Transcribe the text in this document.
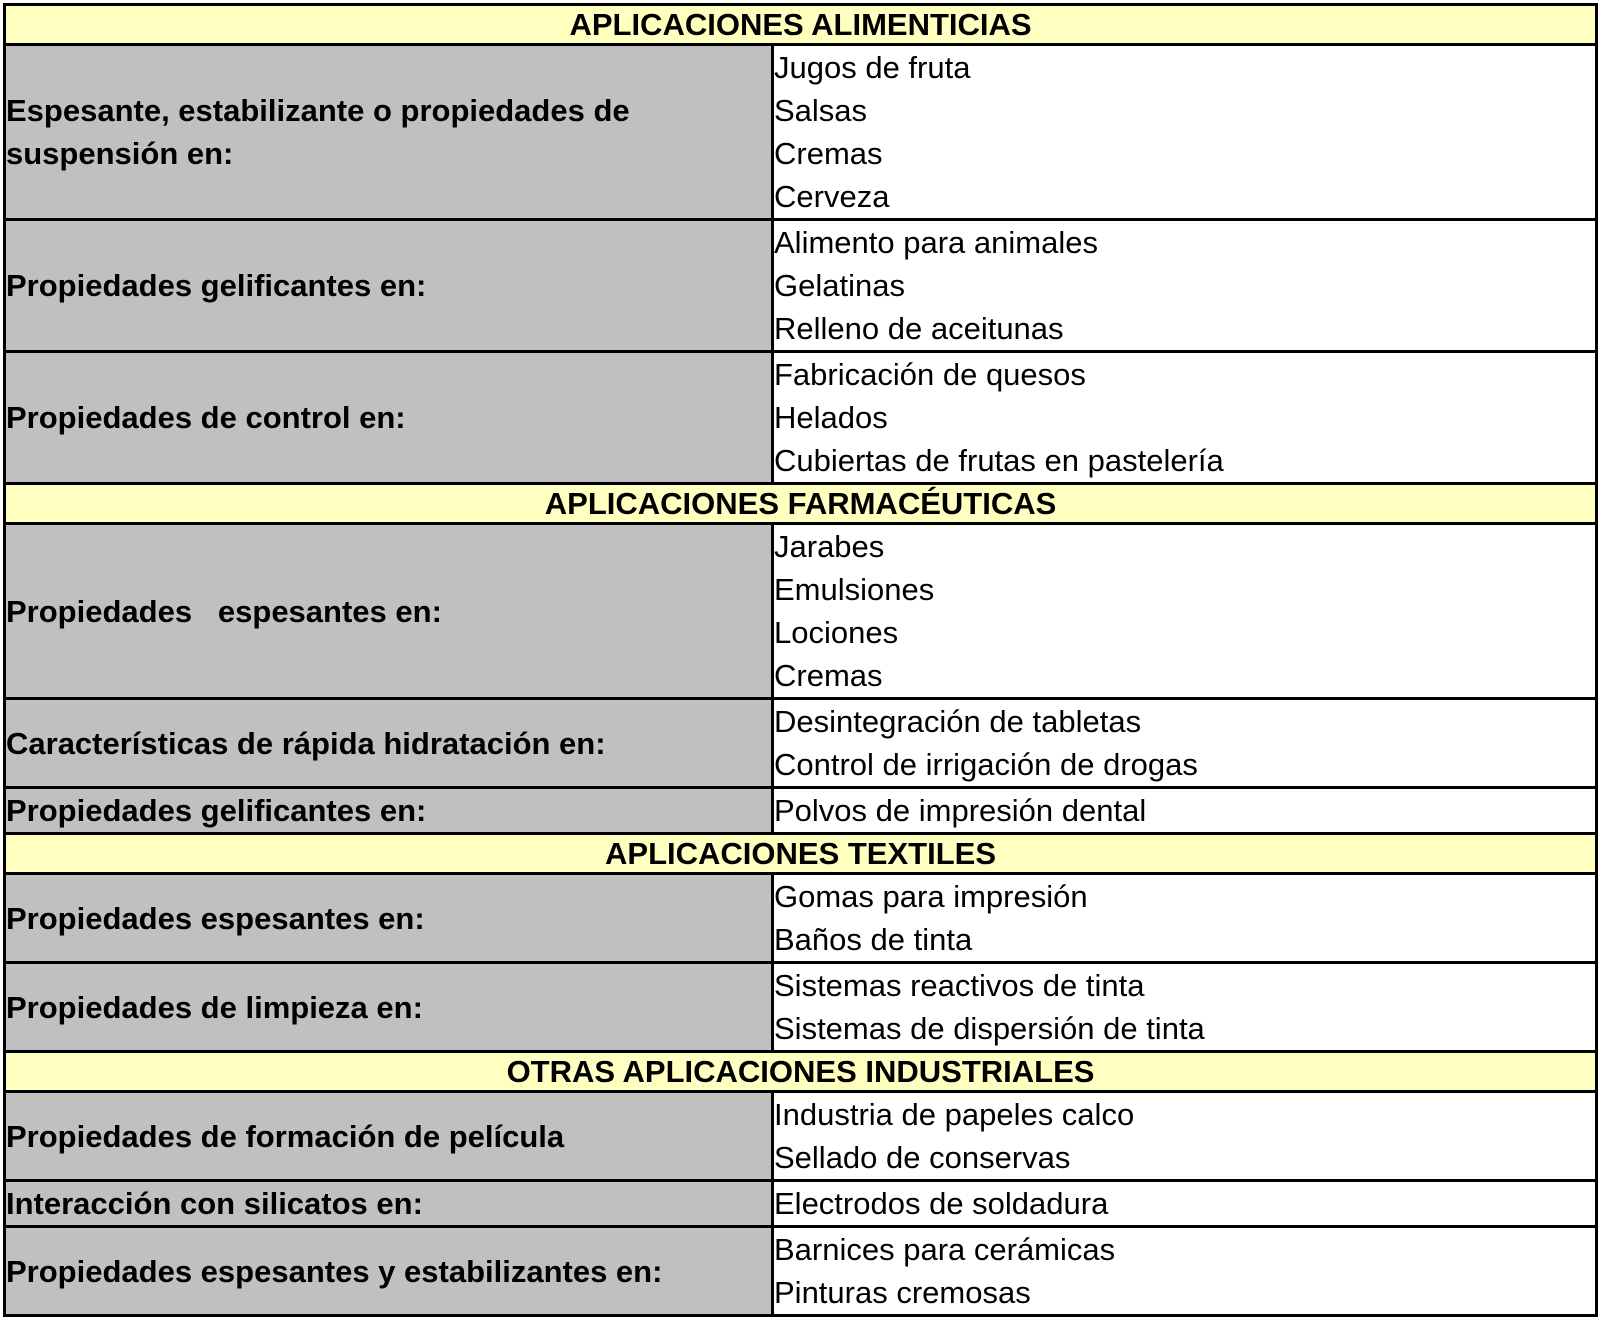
APLICACIONES ALIMENTICIAS	

Espesante, estabilizante o propiedades de suspensión en:	Jugos de fruta
Salsas
Cremas
Cerveza

Propiedades gelificantes en:	Alimento para animales
Gelatinas
Relleno de aceitunas

Propiedades de control en:	Fabricación de quesos
Helados
Cubiertas de frutas en pastelería

APLICACIONES FARMACÉUTICAS	

Propiedades   espesantes en:	Jarabes
Emulsiones
Lociones
Cremas

Características de rápida hidratación en:	Desintegración de tabletas
Control de irrigación de drogas

Propiedades gelificantes en:	Polvos de impresión dental

APLICACIONES TEXTILES	

Propiedades espesantes en:	Gomas para impresión
Baños de tinta

Propiedades de limpieza en:	Sistemas reactivos de tinta
Sistemas de dispersión de tinta

OTRAS APLICACIONES INDUSTRIALES	

Propiedades de formación de película	Industria de papeles calco
Sellado de conservas

Interacción con silicatos en:	Electrodos de soldadura

Propiedades espesantes y estabilizantes en:	Barnices para cerámicas
Pinturas cremosas
